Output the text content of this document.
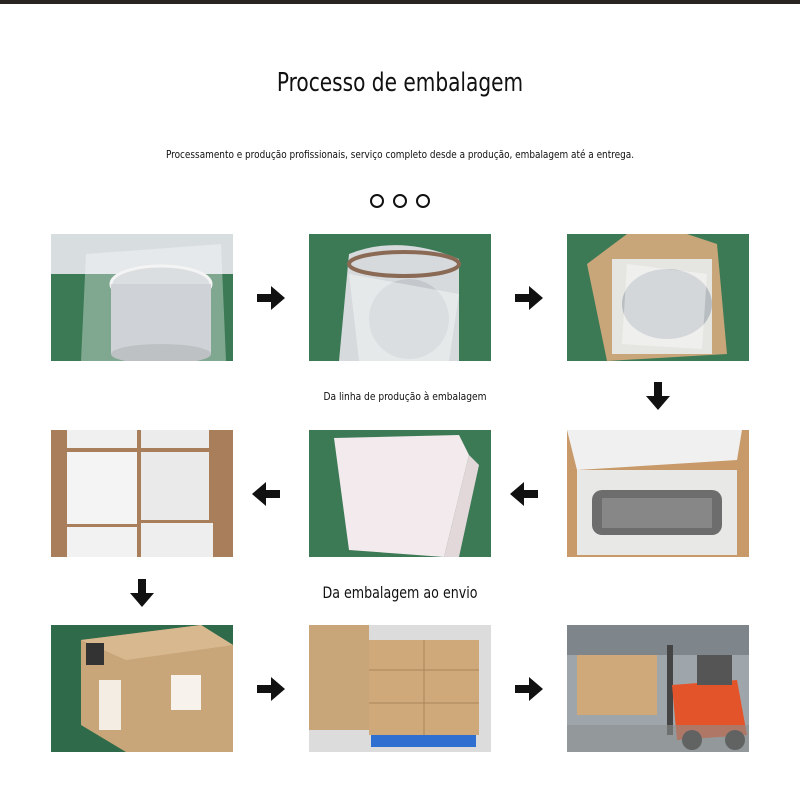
Processo de embalagem
Processamento e produção profissionais, serviço completo desde a produção, embalagem até a entrega.
Da linha de produção à embalagem
Da embalagem ao envio
